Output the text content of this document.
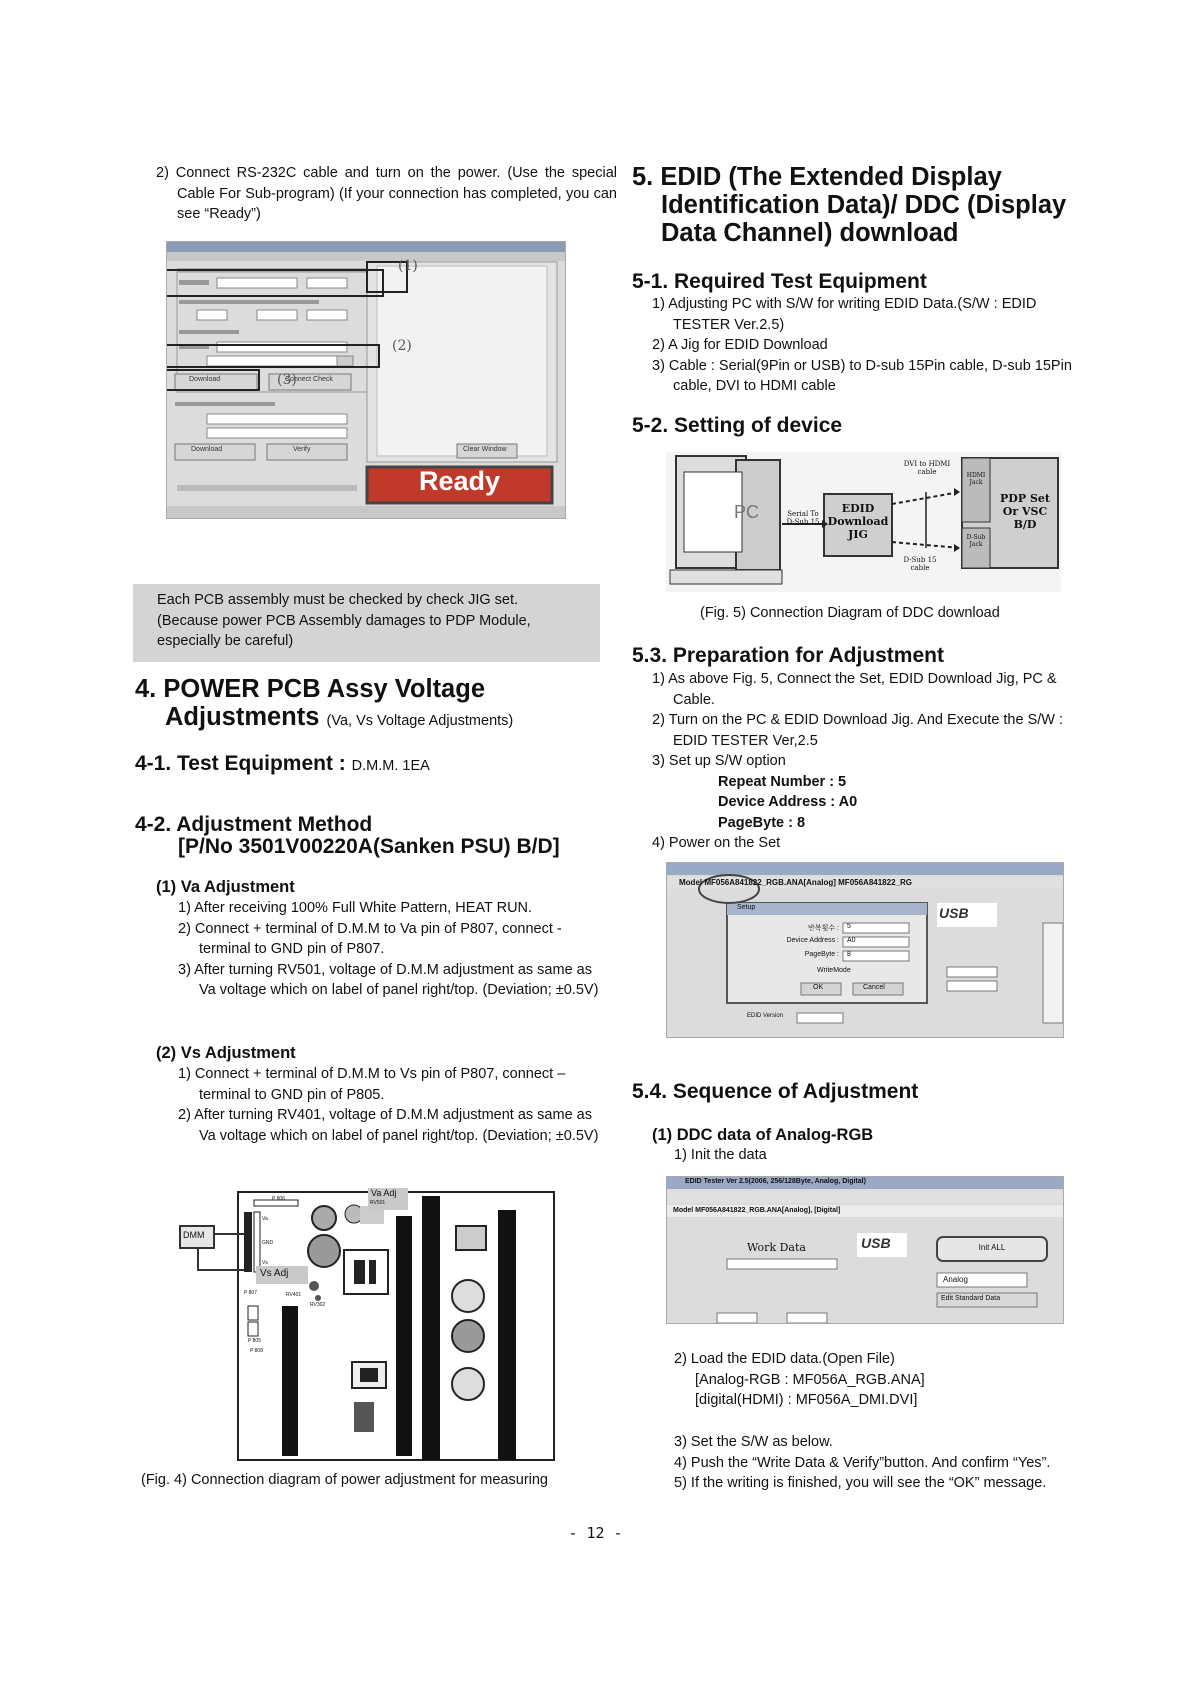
2) Connect RS-232C cable and turn on the power. (Use the special Cable For Sub-program) (If your connection has completed, you can see “Ready”)
(1)
(2)
(3)
Download	Connect Check
Download	Verify	Clear Window
Ready
Each PCB assembly must be checked by check JIG set. (Because power PCB Assembly damages to PDP Module, especially be careful)
4. POWER PCB Assy Voltage
Adjustments (Va, Vs Voltage Adjustments)
4-1. Test Equipment : D.M.M. 1EA
4-2. Adjustment Method
[P/No 3501V00220A(Sanken PSU) B/D]
(1) Va Adjustment
1) After receiving 100% Full White Pattern, HEAT RUN.
2) Connect + terminal of D.M.M to Va pin of P807, connect - terminal to GND pin of P807.
3) After turning RV501, voltage of D.M.M adjustment as same as Va voltage which on label of panel right/top. (Deviation; ±0.5V)
(2) Vs Adjustment
1) Connect + terminal of D.M.M to Vs pin of P807, connect – terminal to GND pin of P805.
2) After turning RV401, voltage of D.M.M adjustment as same as Va voltage which on label of panel right/top. (Deviation; ±0.5V)
DMM
Va Adj
Vs Adj
P 806
RV501
Va
GND
Vs
P 807	RV401
RV302
P 805
P 808
(Fig. 4) Connection diagram of power adjustment for measuring
5. EDID (The Extended Display
Identification Data)/ DDC (Display
Data Channel) download
5-1. Required Test Equipment
1) Adjusting PC with S/W for writing EDID Data.(S/W : EDID TESTER Ver.2.5)
2) A Jig for EDID Download
3) Cable : Serial(9Pin or USB) to D-sub 15Pin cable, D-sub 15Pin cable, DVI to HDMI cable
5-2. Setting of device
PC	Serial To D-Sub 15
EDID Download JIG
DVI to HDMI cable	HDMI Jack
D-Sub Jack
D-Sub 15 cable
PDP Set Or VSC B/D
(Fig. 5) Connection Diagram of DDC download
5.3. Preparation for Adjustment
1) As above Fig. 5, Connect the Set, EDID Download Jig, PC & Cable.
2) Turn on the PC & EDID Download Jig. And Execute the S/W : EDID TESTER Ver,2.5
3) Set up S/W option
Repeat Number : 5
Device Address : A0
PageByte : 8
4) Power on the Set
Model MF056A841822_RGB.ANA[Analog] MF056A841822_RG
Setup
반복횟수 :
Device Address :
PageByte :
5
A0
8
WriteMode
OK	Cancel
EDID Version
USB
5.4. Sequence of Adjustment
(1) DDC data of Analog-RGB
1) Init the data
EDID Tester Ver 2.5(2006, 256/128Byte, Analog, Digital)
Model MF056A841822_RGB.ANA[Analog], [Digital]
Work Data	USB	Init ALL
Analog
Edit Standard Data
2) Load the EDID data.(Open File)
[Analog-RGB : MF056A_RGB.ANA]
[digital(HDMI) : MF056A_DMI.DVI]
3) Set the S/W as below.
4) Push the “Write Data & Verify”button. And confirm “Yes”.
5) If the writing is finished, you will see the “OK” message.
- 12 -
